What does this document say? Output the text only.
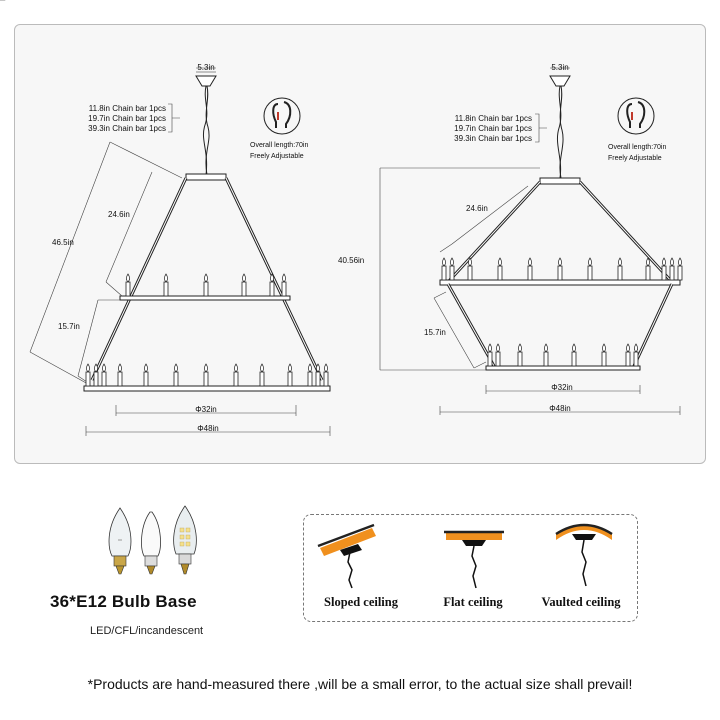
5.3in
11.8in Chain bar 1pcs
19.7in Chain bar 1pcs
39.3in Chain bar 1pcs
Overall length:70in
Freely Adjustable
24.6in
46.5in
15.7in
Φ32in
Φ48in
5.3in
11.8in Chain bar 1pcs
19.7in Chain bar 1pcs
39.3in Chain bar 1pcs
Overall length:70in
Freely Adjustable
24.6in
40.56in
15.7in
Φ32in
Φ48in
36*E12 Bulb Base
LED/CFL/incandescent
Sloped ceiling	Flat ceiling	Vaulted ceiling
*Products are hand-measured there ,will be a small error, to the actual size shall prevail!
